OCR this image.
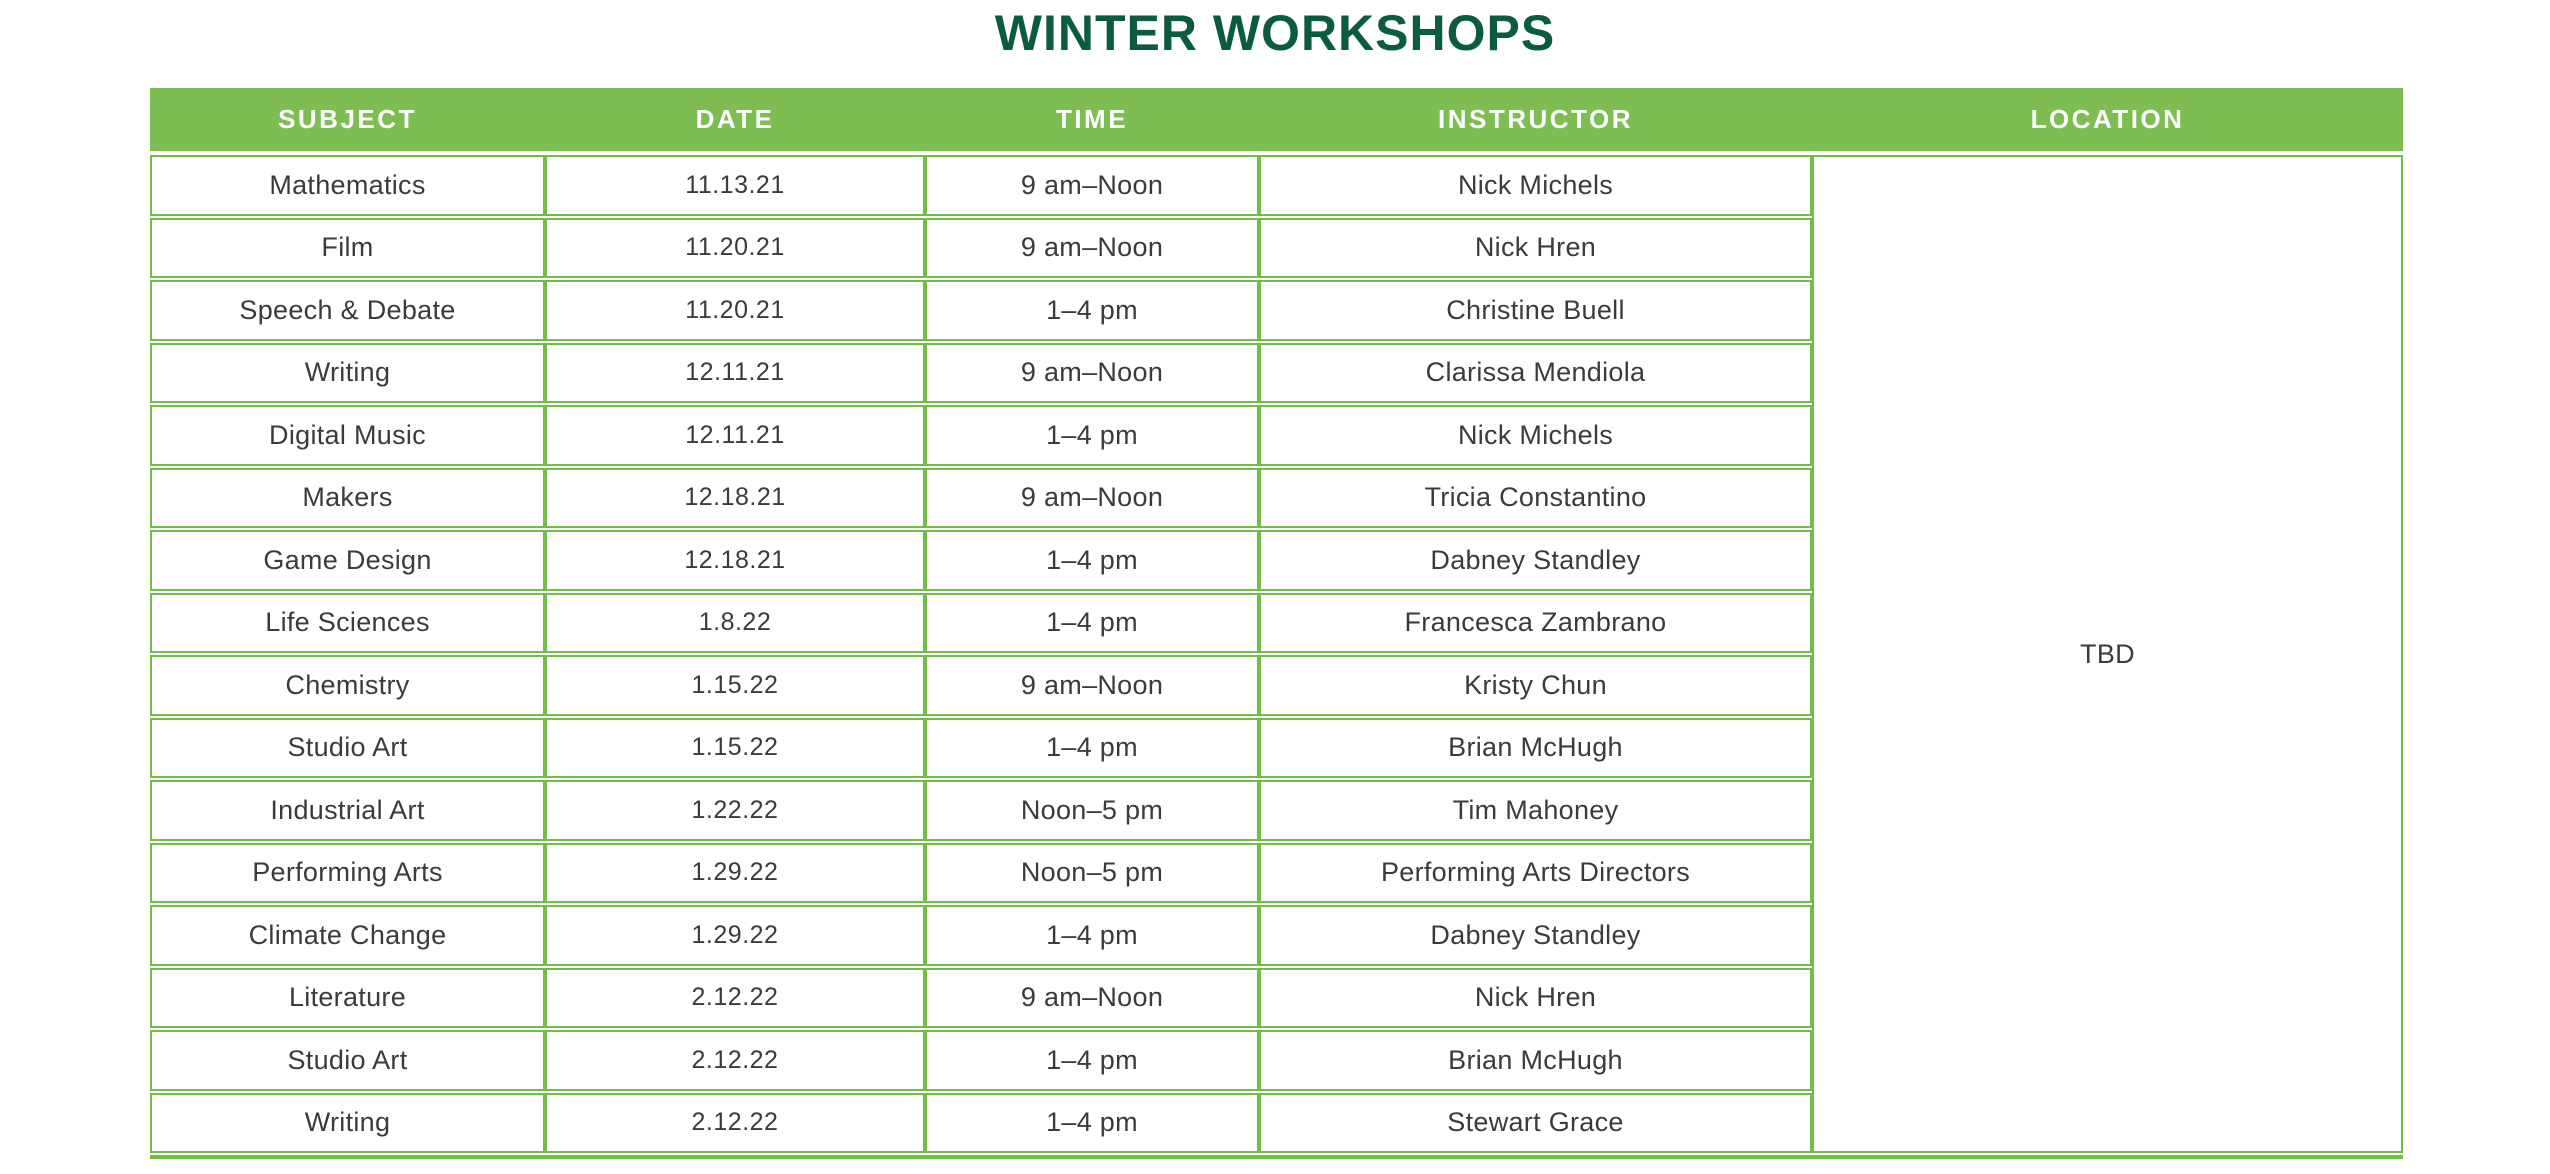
WINTER WORKSHOPS
SUBJECT	DATE	TIME	INSTRUCTOR	LOCATION
TBD
Mathematics	11.13.21	9 am–Noon	Nick Michels
Film	11.20.21	9 am–Noon	Nick Hren
Speech & Debate	11.20.21	1–4 pm	Christine Buell
Writing	12.11.21	9 am–Noon	Clarissa Mendiola
Digital Music	12.11.21	1–4 pm	Nick Michels
Makers	12.18.21	9 am–Noon	Tricia Constantino
Game Design	12.18.21	1–4 pm	Dabney Standley
Life Sciences	1.8.22	1–4 pm	Francesca Zambrano
Chemistry	1.15.22	9 am–Noon	Kristy Chun
Studio Art	1.15.22	1–4 pm	Brian McHugh
Industrial Art	1.22.22	Noon–5 pm	Tim Mahoney
Performing Arts	1.29.22	Noon–5 pm	Performing Arts Directors
Climate Change	1.29.22	1–4 pm	Dabney Standley
Literature	2.12.22	9 am–Noon	Nick Hren
Studio Art	2.12.22	1–4 pm	Brian McHugh
Writing	2.12.22	1–4 pm	Stewart Grace
